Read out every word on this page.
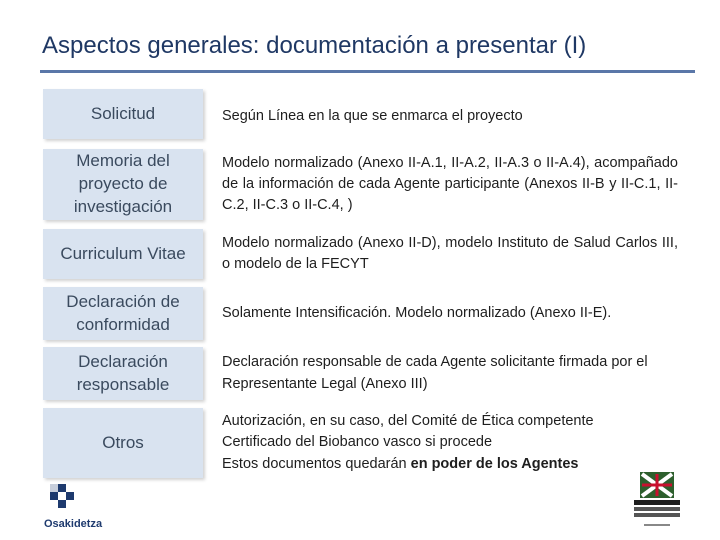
Aspectos generales: documentación a presentar (I)
Solicitud	Según Línea en la que se enmarca el proyecto
Memoria del proyecto de investigación
Modelo normalizado (Anexo II-A.1, II-A.2, II-A.3 o II-A.4), acompañado de la información de cada Agente participante (Anexos II-B y II-C.1, II-C.2, II-C.3 o II-C.4, )
Curriculum Vitae
Modelo normalizado (Anexo II-D), modelo Instituto de Salud Carlos III, o modelo de la FECYT
Declaración de conformidad
Solamente Intensificación. Modelo normalizado (Anexo II-E).
Declaración responsable
Declaración responsable de cada Agente solicitante firmada por el Representante Legal (Anexo III)
Otros
Autorización, en su caso, del Comité de Ética competente
Certificado del Biobanco vasco si procede
Estos documentos quedarán en poder de los Agentes
Osakidetza
